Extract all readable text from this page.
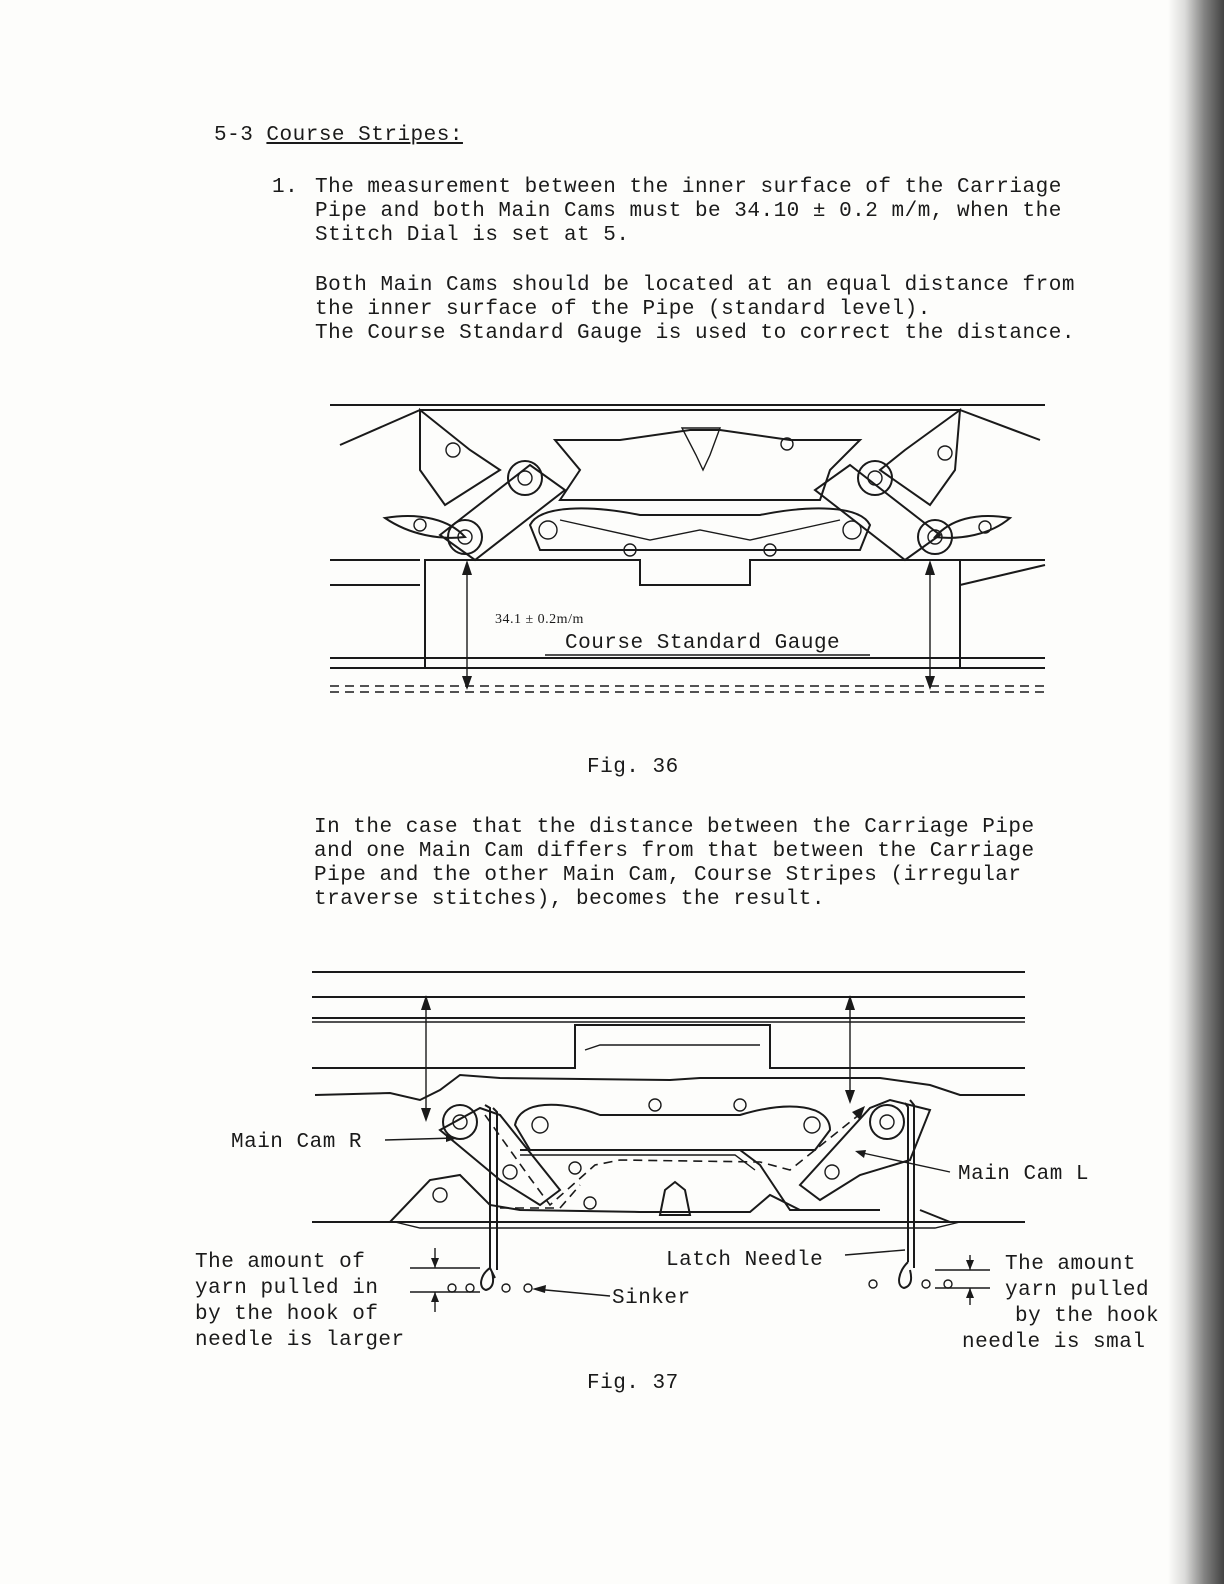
5-3 Course Stripes:
1. The measurement between the inner surface of the Carriage
Pipe and both Main Cams must be 34.10 ± 0.2 m/m, when the
Stitch Dial is set at 5.
Both Main Cams should be located at an equal distance from
the inner surface of the Pipe (standard level).
The Course Standard Gauge is used to correct the distance.
34.1 ± 0.2m/m
Course Standard Gauge
Fig. 36
In the case that the distance between the Carriage Pipe
and one Main Cam differs from that between the Carriage
Pipe and the other Main Cam, Course Stripes (irregular
traverse stitches), becomes the result.
Main Cam R
Main Cam L
Latch Needle
Sinker
The amount of
yarn pulled in
by the hook of
needle is larger
The amount
yarn pulled
by the hook
needle is smal
Fig. 37
